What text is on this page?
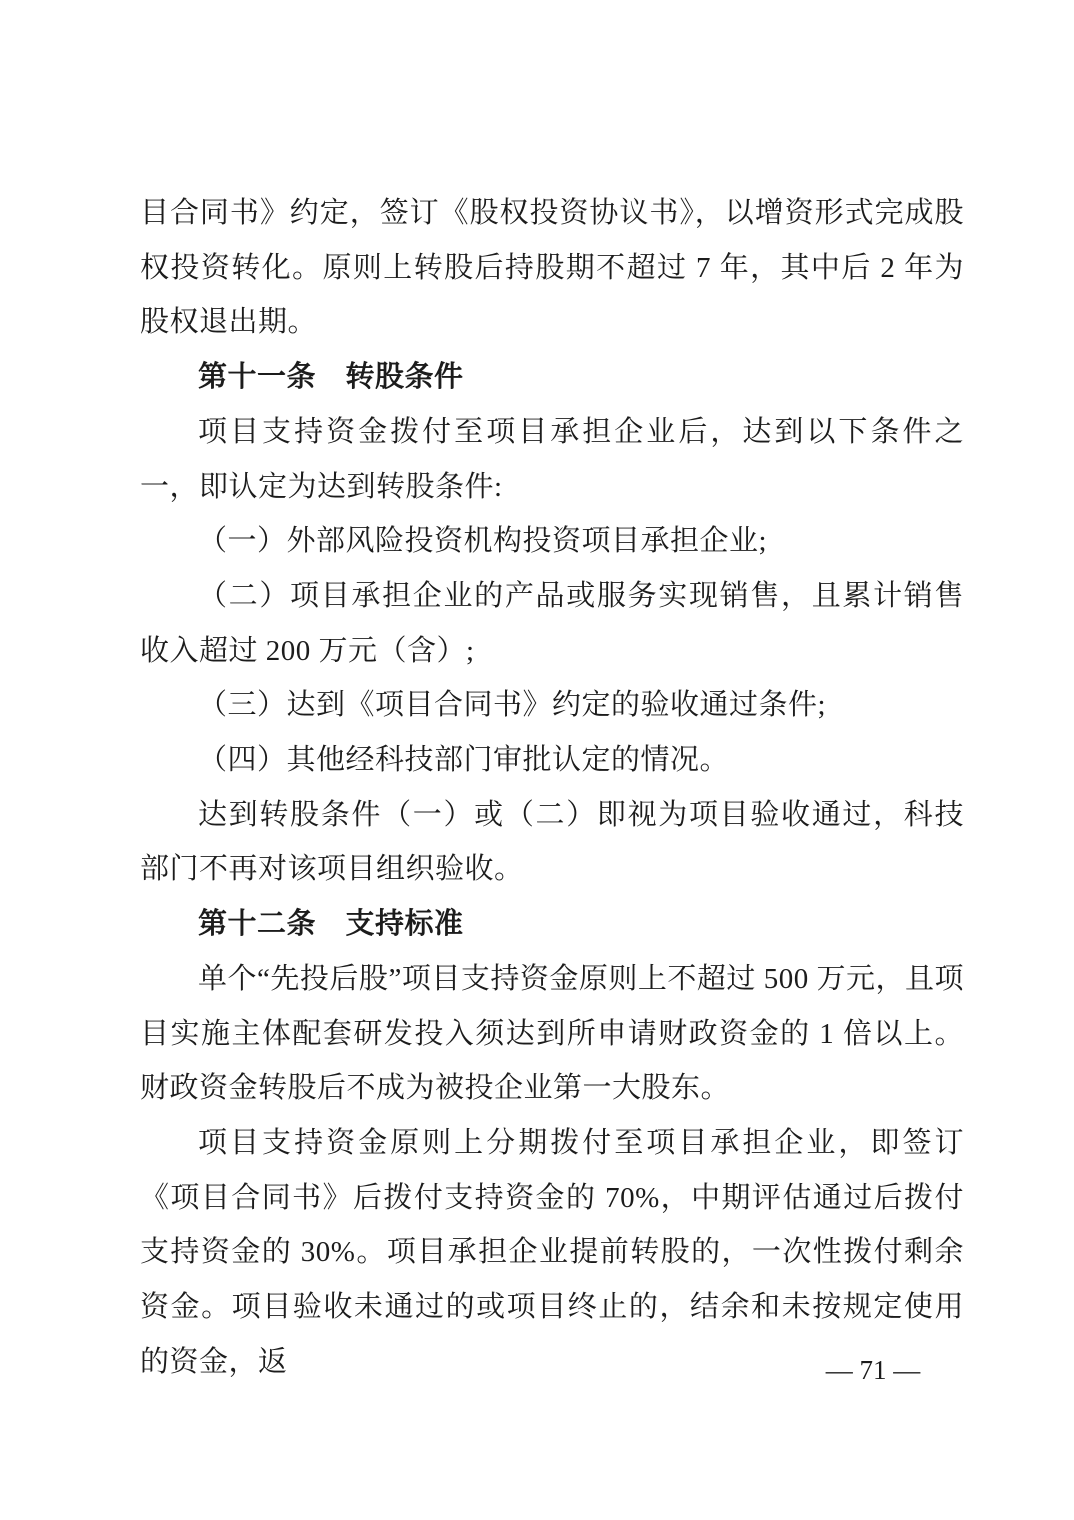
目合同书》约定，签订《股权投资协议书》，以增资形式完成股权投资转化。原则上转股后持股期不超过 7 年，其中后 2 年为股权退出期。

第十一条　转股条件

项目支持资金拨付至项目承担企业后，达到以下条件之一，即认定为达到转股条件:

（一）外部风险投资机构投资项目承担企业;

（二）项目承担企业的产品或服务实现销售，且累计销售收入超过 200 万元（含）;

（三）达到《项目合同书》约定的验收通过条件;

（四）其他经科技部门审批认定的情况。

达到转股条件（一）或（二）即视为项目验收通过，科技部门不再对该项目组织验收。

第十二条　支持标准

单个“先投后股”项目支持资金原则上不超过 500 万元，且项目实施主体配套研发投入须达到所申请财政资金的 1 倍以上。财政资金转股后不成为被投企业第一大股东。

项目支持资金原则上分期拨付至项目承担企业，即签订《项目合同书》后拨付支持资金的 70%，中期评估通过后拨付支持资金的 30%。项目承担企业提前转股的，一次性拨付剩余资金。项目验收未通过的或项目终止的，结余和未按规定使用的资金，返	— 71 —
